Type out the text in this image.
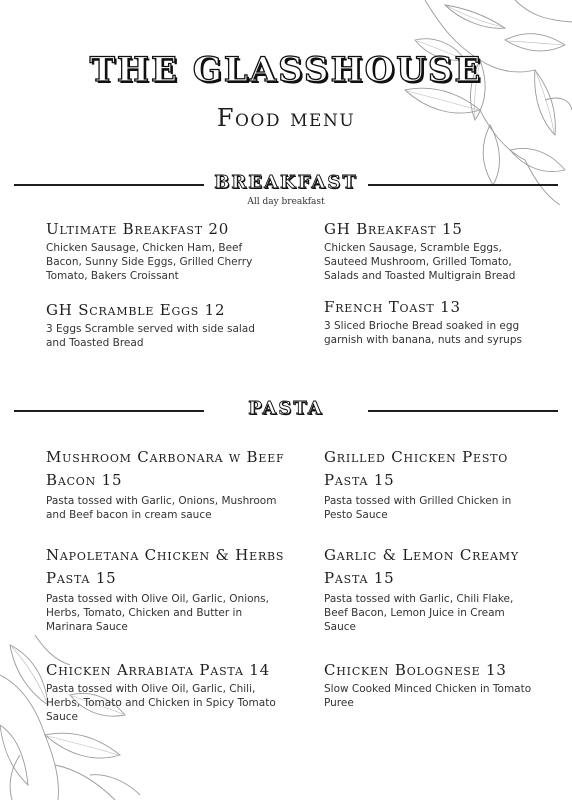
THE GLASSHOUSE
Food menu
BREAKFAST
All day breakfast

Ultimate Breakfast 20

Chicken Sausage, Chicken Ham, Beef Bacon, Sunny Side Eggs, Grilled Cherry Tomato, Bakers Croissant

GH Breakfast 15

Chicken Sausage, Scramble Eggs, Sauteed Mushroom, Grilled Tomato, Salads and Toasted Multigrain Bread

GH Scramble Eggs 12

3 Eggs Scramble served with side salad and Toasted Bread

French Toast 13

3 Sliced Brioche Bread soaked in egg garnish with banana, nuts and syrups

PASTA

Mushroom Carbonara w Beef Bacon 15

Pasta tossed with Garlic, Onions, Mushroom and Beef bacon in cream sauce

Grilled Chicken Pesto Pasta 15

Pasta tossed with Grilled Chicken in Pesto Sauce

Napoletana Chicken & Herbs Pasta 15

Pasta tossed with Olive Oil, Garlic, Onions, Herbs, Tomato, Chicken and Butter in Marinara Sauce

Garlic & Lemon Creamy Pasta 15

Pasta tossed with Garlic, Chili Flake, Beef Bacon, Lemon Juice in Cream Sauce

Chicken Arrabiata Pasta 14

Pasta tossed with Olive Oil, Garlic, Chili, Herbs, Tomato and Chicken in Spicy Tomato Sauce

Chicken Bolognese 13

Slow Cooked Minced Chicken in Tomato Puree
